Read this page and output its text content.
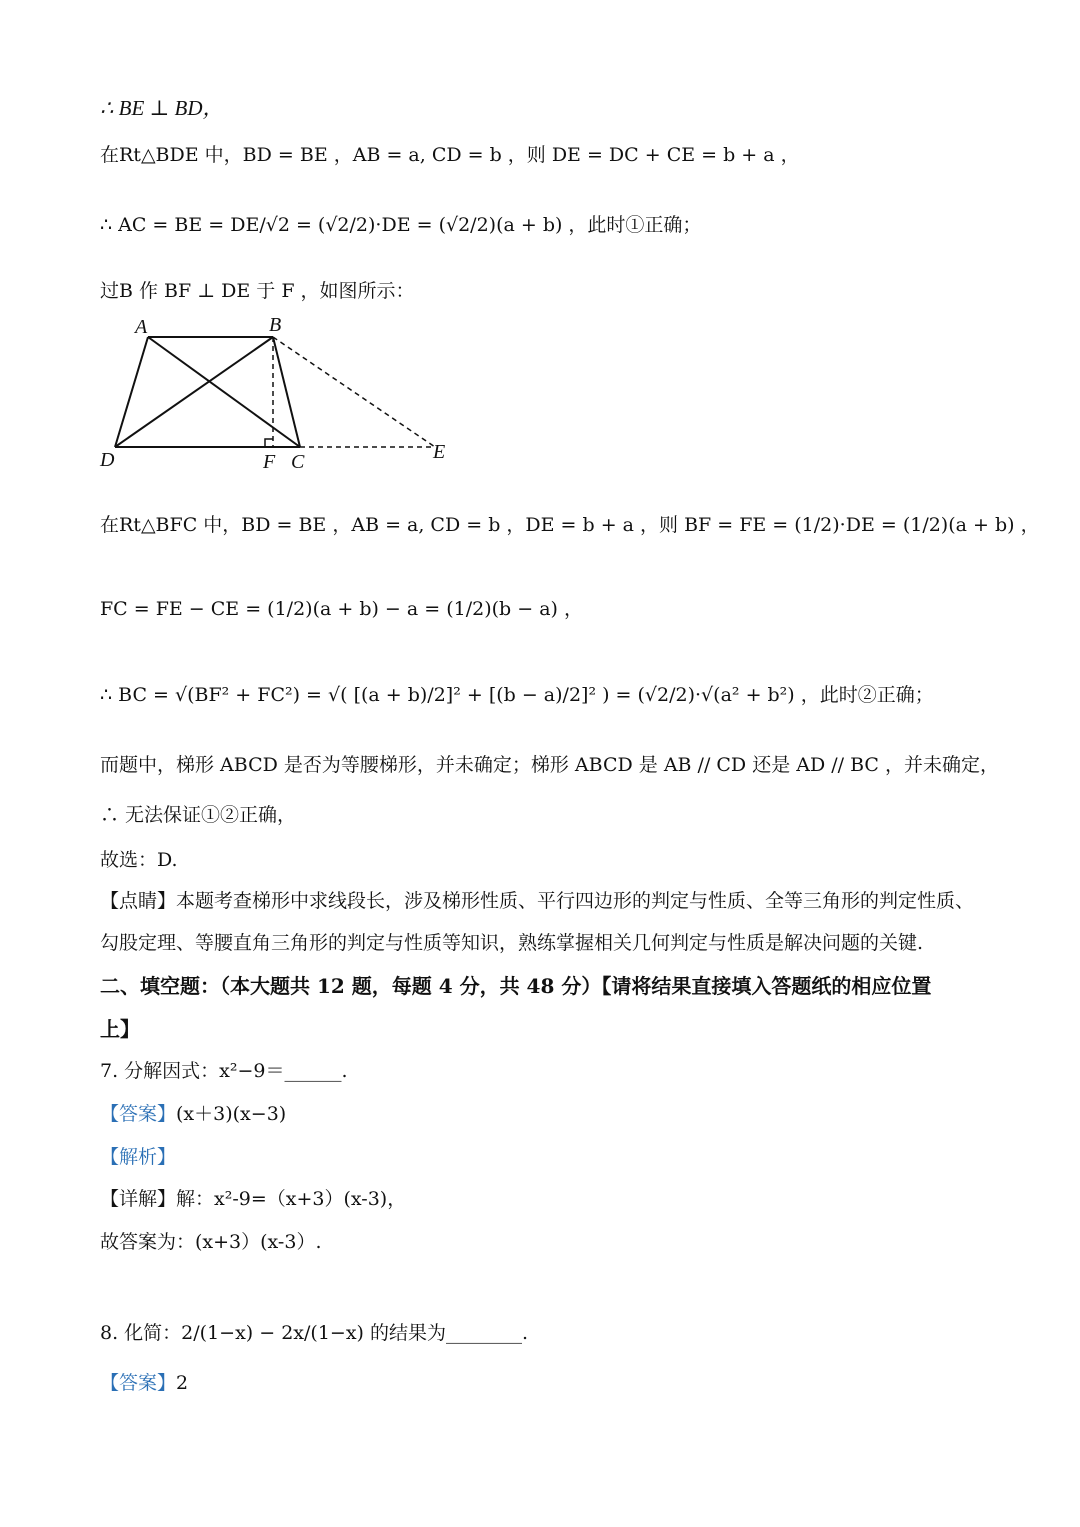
∴ BE ⊥ BD，
在Rt△BDE 中，BD = BE ，AB = a, CD = b ，则 DE = DC + CE = b + a ，
∴ AC = BE = DE/√2 = (√2/2)·DE = (√2/2)(a + b) ，此时①正确；
过B 作 BF ⊥ DE 于 F ，如图所示：
A	B
C
D	E
F
在Rt△BFC 中，BD = BE ，AB = a, CD = b ，DE = b + a ，则 BF = FE = (1/2)·DE = (1/2)(a + b) ，
FC = FE − CE = (1/2)(a + b) − a = (1/2)(b − a) ，
∴ BC = √(BF² + FC²) = √( [(a + b)/2]² + [(b − a)/2]² ) = (√2/2)·√(a² + b²) ，此时②正确；
而题中，梯形 ABCD 是否为等腰梯形，并未确定；梯形 ABCD 是 AB // CD 还是 AD // BC ，并未确定，
∴ 无法保证①②正确，
故选：D.
【点睛】本题考查梯形中求线段长，涉及梯形性质、平行四边形的判定与性质、全等三角形的判定性质、
勾股定理、等腰直角三角形的判定与性质等知识，熟练掌握相关几何判定与性质是解决问题的关键.
二、填空题：（本大题共 12 题，每题 4 分，共 48 分）【请将结果直接填入答题纸的相应位置
上】
7. 分解因式：x²−9＝______.
【答案】(x＋3)(x−3)
【解析】
【详解】解：x²-9=（x+3）(x-3)，
故答案为：(x+3）(x-3）.
8. 化简：2/(1−x) − 2x/(1−x) 的结果为________.
【答案】2
